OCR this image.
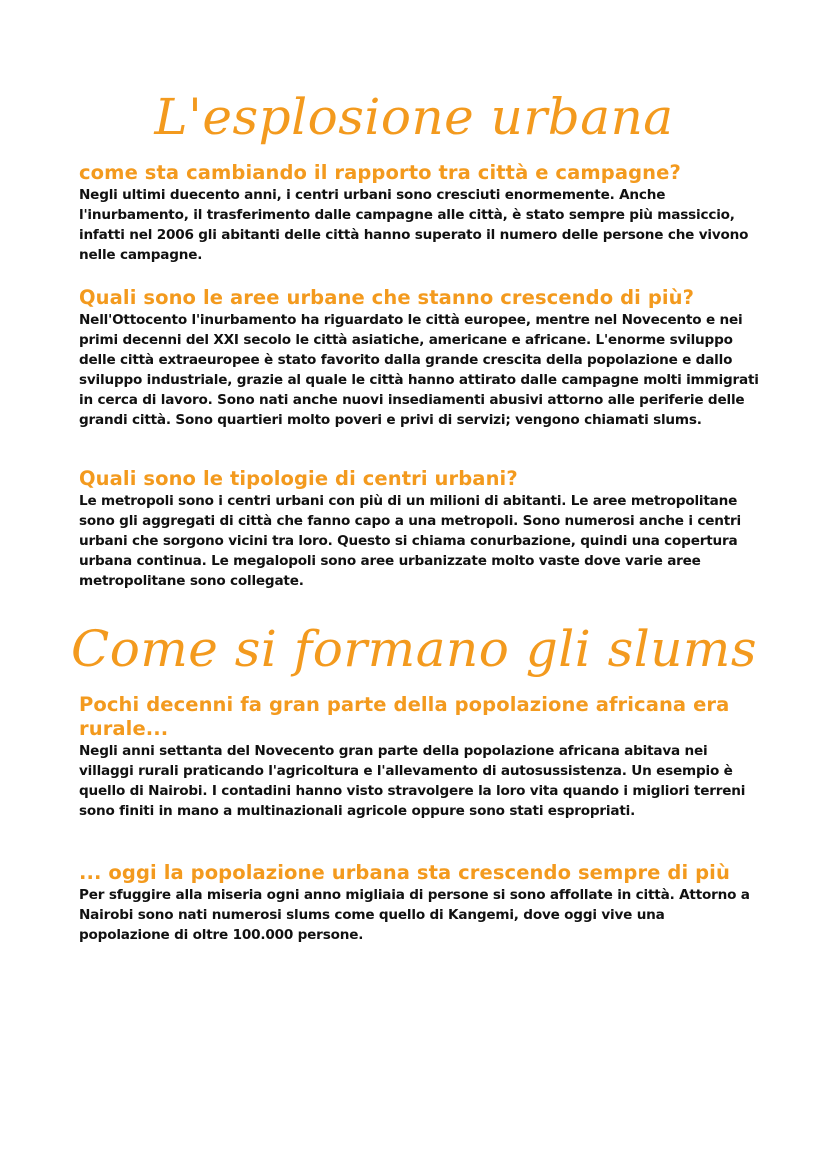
L'esplosione urbana
come sta cambiando il rapporto tra città e campagne?

Negli ultimi duecento anni, i centri urbani sono cresciuti enormemente. Anche l'inurbamento, il trasferimento dalle campagne alle città, è stato sempre più massiccio, infatti nel 2006 gli abitanti delle città hanno superato il numero delle persone che vivono nelle campagne.

Quali sono le aree urbane che stanno crescendo di più?

Nell'Ottocento l'inurbamento ha riguardato le città europee, mentre nel Novecento e nei primi decenni del XXI secolo le città asiatiche, americane e africane. L'enorme sviluppo delle città extraeuropee è stato favorito dalla grande crescita della popolazione e dallo sviluppo industriale, grazie al quale le città hanno attirato dalle campagne molti immigrati in cerca di lavoro. Sono nati anche nuovi insediamenti abusivi attorno alle periferie delle grandi città. Sono quartieri molto poveri e privi di servizi; vengono chiamati slums.

Quali sono le tipologie di centri urbani?

Le metropoli sono i centri urbani con più di un milioni di abitanti. Le aree metropolitane sono gli aggregati di città che fanno capo a una metropoli. Sono numerosi anche i centri urbani che sorgono vicini tra loro. Questo si chiama conurbazione, quindi una copertura urbana continua. Le megalopoli sono aree urbanizzate molto vaste dove varie aree metropolitane sono collegate.

Come si formano gli slums
Pochi decenni fa gran parte della popolazione africana era rurale...

Negli anni settanta del Novecento gran parte della popolazione africana abitava nei villaggi rurali praticando l'agricoltura e l'allevamento di autosussistenza. Un esempio è quello di Nairobi. I contadini hanno visto stravolgere la loro vita quando i migliori terreni sono finiti in mano a multinazionali agricole oppure sono stati espropriati.

... oggi la popolazione urbana sta crescendo sempre di più

Per sfuggire alla miseria ogni anno migliaia di persone si sono affollate in città. Attorno a Nairobi sono nati numerosi slums come quello di Kangemi, dove oggi vive una popolazione di oltre 100.000 persone.
